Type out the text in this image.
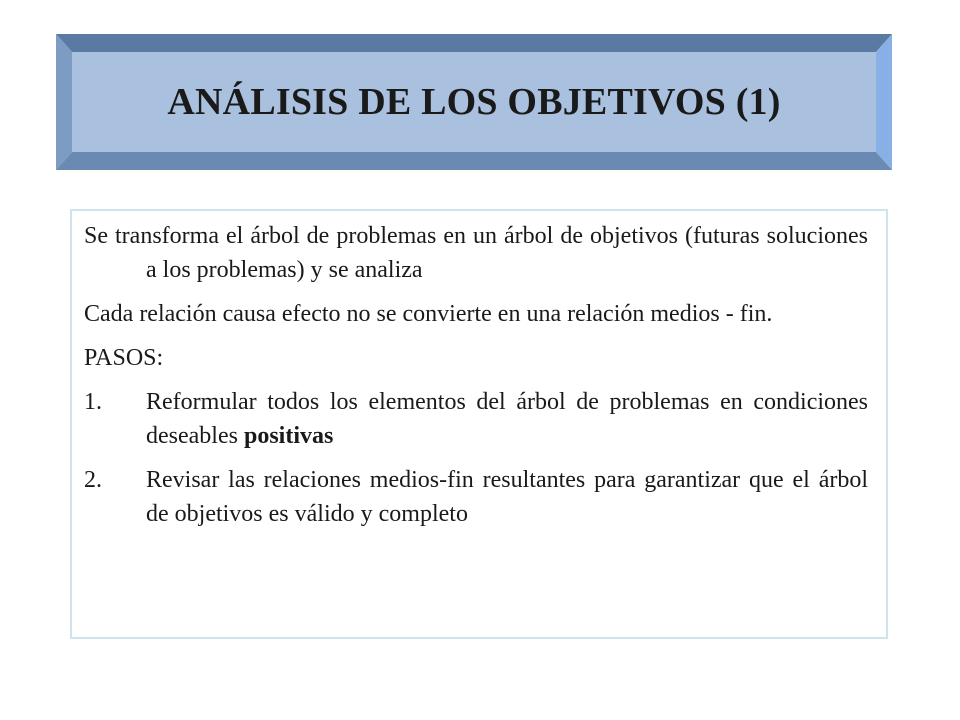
ANÁLISIS DE LOS OBJETIVOS (1)

Se transforma el árbol de problemas en un árbol de objetivos (futuras soluciones a los problemas) y se analiza

Cada relación causa efecto no se convierte en una relación medios - fin.

PASOS:

1. Reformular todos los elementos del árbol de problemas en condiciones deseables positivas
2. Revisar las relaciones medios-fin resultantes para garantizar que el árbol de objetivos es válido y completo
